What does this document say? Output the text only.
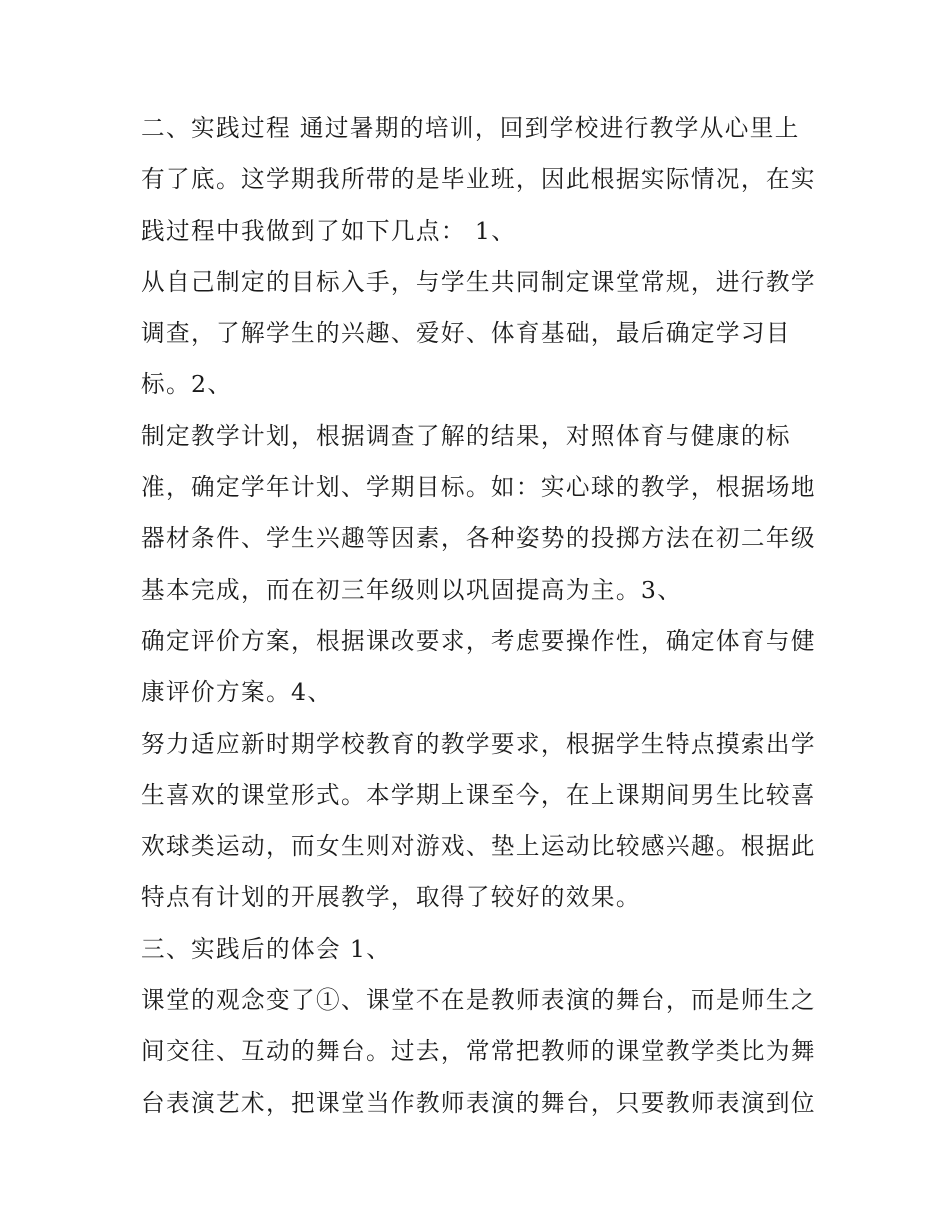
二、实践过程 通过暑期的培训，回到学校进行教学从心里上
有了底。这学期我所带的是毕业班，因此根据实际情况，在实
践过程中我做到了如下几点： 1、
从自己制定的目标入手，与学生共同制定课堂常规，进行教学
调查，了解学生的兴趣、爱好、体育基础，最后确定学习目
标。2、
制定教学计划，根据调查了解的结果，对照体育与健康的标
准，确定学年计划、学期目标。如：实心球的教学，根据场地
器材条件、学生兴趣等因素，各种姿势的投掷方法在初二年级
基本完成，而在初三年级则以巩固提高为主。3、
确定评价方案，根据课改要求，考虑要操作性，确定体育与健
康评价方案。4、
努力适应新时期学校教育的教学要求，根据学生特点摸索出学
生喜欢的课堂形式。本学期上课至今，在上课期间男生比较喜
欢球类运动，而女生则对游戏、垫上运动比较感兴趣。根据此
特点有计划的开展教学，取得了较好的效果。
三、实践后的体会 1、
课堂的观念变了①、课堂不在是教师表演的舞台，而是师生之
间交往、互动的舞台。过去，常常把教师的课堂教学类比为舞
台表演艺术，把课堂当作教师表演的舞台，只要教师表演到位
